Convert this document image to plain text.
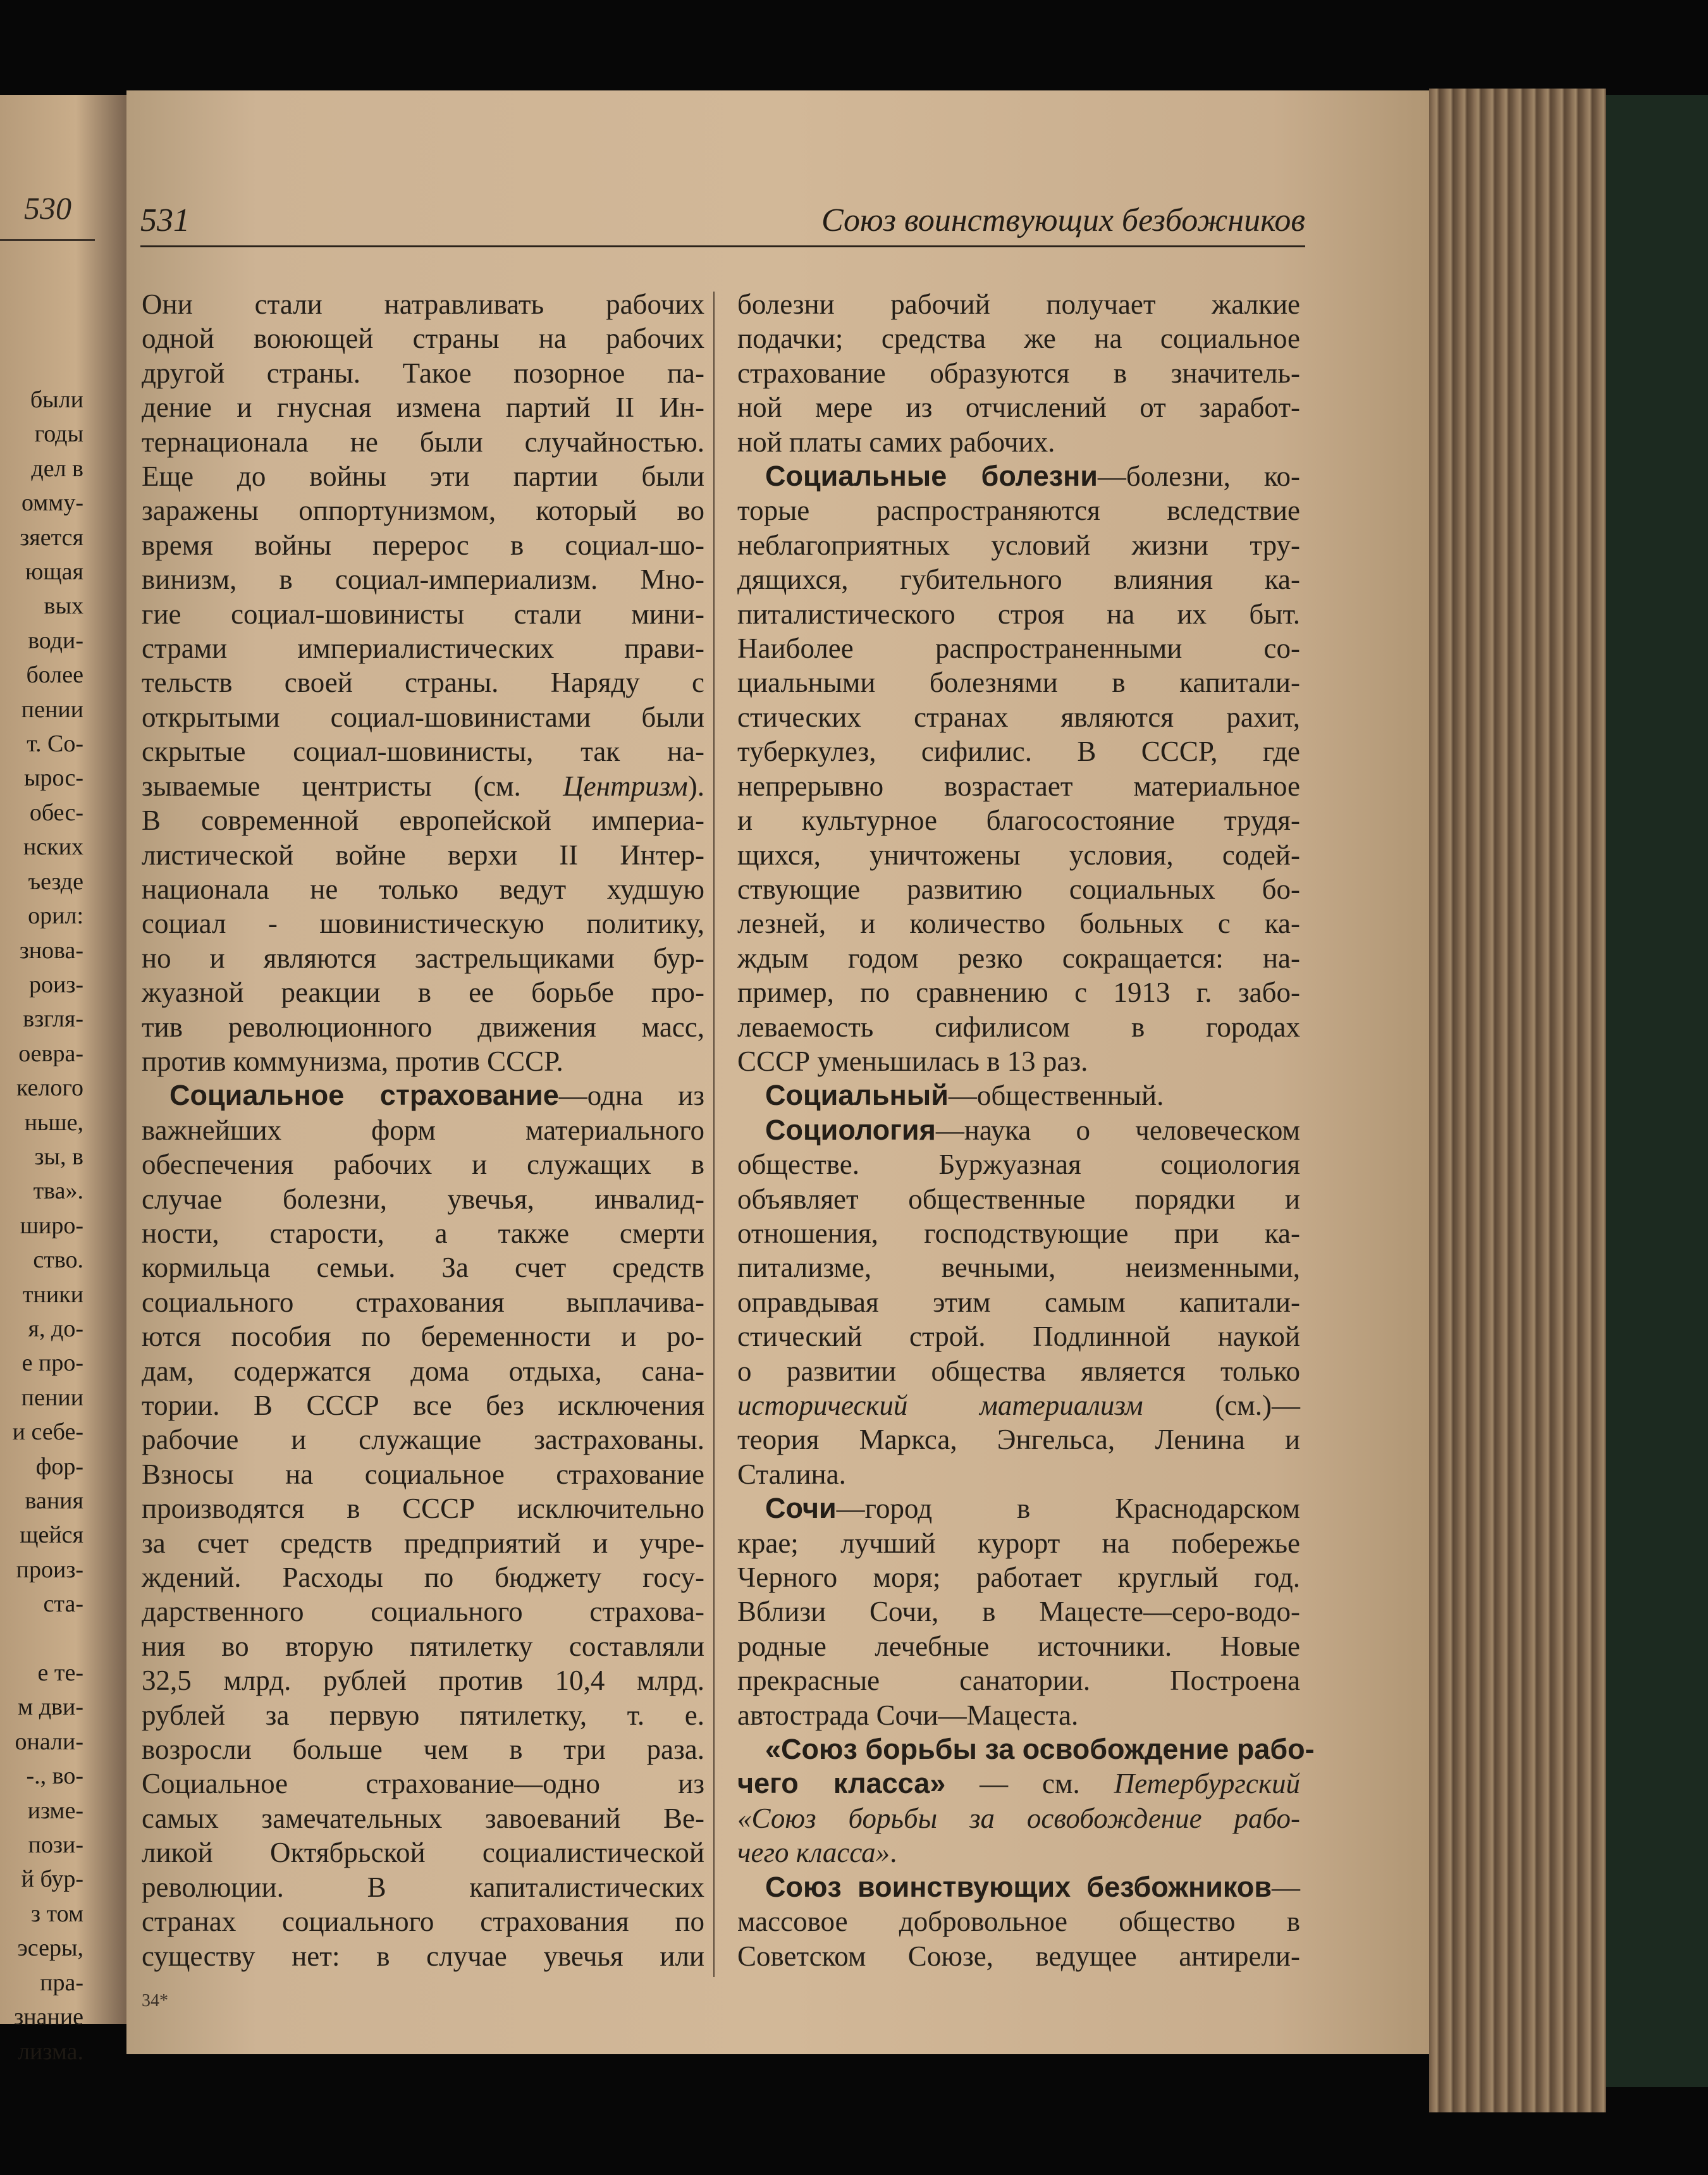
530
были
годы
дел в
омму-
зяется
ющая
вых
води-
более
пении
т. Со-
ырос-
обес-
нских
ъезде
орил:
знова-
роиз-
взгля-
оевра-
келого
ньше,
зы, в
тва».
широ-
ство.
тники
я, до-
е про-
пении
и себе-
фор-
вания
щейся
произ-
ста-

е те-
м дви-
онали-
-., во-
изме-
пози-
й бур-
з том
эсеры,
пра-
знание
лизма.
531	Союз воинствующих безбожников
Они стали натравливать рабочих
одной воюющей страны на рабочих
другой страны. Такое позорное па-
дение и гнусная измена партий II Ин-
тернационала не были случайностью.
Еще до войны эти партии были
заражены оппортунизмом, который во
время войны перерос в социал-шо-
винизм, в социал-империализм. Мно-
гие социал-шовинисты стали мини-
страми империалистических прави-
тельств своей страны. Наряду с
открытыми социал-шовинистами были
скрытые социал-шовинисты, так на-
зываемые центристы (см. Центризм).
В современной европейской империа-
листической войне верхи II Интер-
национала не только ведут худшую
социал - шовинистическую политику,
но и являются застрельщиками бур-
жуазной реакции в ее борьбе про-
тив революционного движения масс,
против коммунизма, против СССР.
Социальное страхование—одна из
важнейших форм материального
обеспечения рабочих и служащих в
случае болезни, увечья, инвалид-
ности, старости, а также смерти
кормильца семьи. За счет средств
социального страхования выплачива-
ются пособия по беременности и ро-
дам, содержатся дома отдыха, сана-
тории. В СССР все без исключения
рабочие и служащие застрахованы.
Взносы на социальное страхование
производятся в СССР исключительно
за счет средств предприятий и учре-
ждений. Расходы по бюджету госу-
дарственного социального страхова-
ния во вторую пятилетку составляли
32,5 млрд. рублей против 10,4 млрд.
рублей за первую пятилетку, т. е.
возросли больше чем в три раза.
Социальное страхование—одно из
самых замечательных завоеваний Ве-
ликой Октябрьской социалистической
революции. В капиталистических
странах социального страхования по
существу нет: в случае увечья или
болезни рабочий получает жалкие
подачки; средства же на социальное
страхование образуются в значитель-
ной мере из отчислений от заработ-
ной платы самих рабочих.
Социальные болезни—болезни, ко-
торые распространяются вследствие
неблагоприятных условий жизни тру-
дящихся, губительного влияния ка-
питалистического строя на их быт.
Наиболее распространенными со-
циальными болезнями в капитали-
стических странах являются рахит,
туберкулез, сифилис. В СССР, где
непрерывно возрастает материальное
и культурное благосостояние трудя-
щихся, уничтожены условия, содей-
ствующие развитию социальных бо-
лезней, и количество больных с ка-
ждым годом резко сокращается: на-
пример, по сравнению с 1913 г. забо-
леваемость сифилисом в городах
СССР уменьшилась в 13 раз.
Социальный—общественный.
Социология—наука о человеческом
обществе. Буржуазная социология
объявляет общественные порядки и
отношения, господствующие при ка-
питализме, вечными, неизменными,
оправдывая этим самым капитали-
стический строй. Подлинной наукой
о развитии общества является только
исторический материализм (см.)—
теория Маркса, Энгельса, Ленина и
Сталина.
Сочи—город в Краснодарском
крае; лучший курорт на побережье
Черного моря; работает круглый год.
Вблизи Сочи, в Мацесте—серо-водо-
родные лечебные источники. Новые
прекрасные санатории. Построена
автострада Сочи—Мацеста.
«Союз борьбы за освобождение рабо-
чего класса» — см. Петербургский
«Союз борьбы за освобождение рабо-
чего класса».
Союз воинствующих безбожников—
массовое добровольное общество в
Советском Союзе, ведущее антирели-
34*
